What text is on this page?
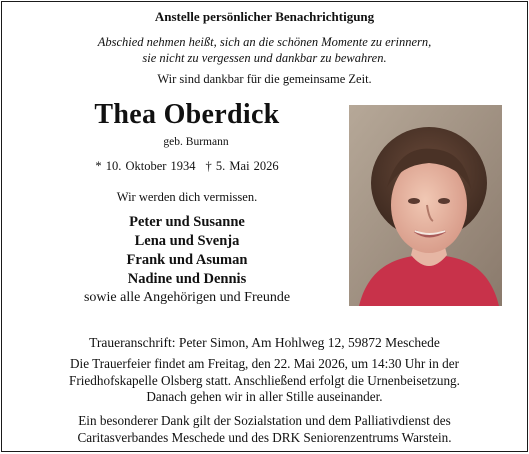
Anstelle persönlicher Benachrichtigung
Abschied nehmen heißt, sich an die schönen Momente zu erinnern,
sie nicht zu vergessen und dankbar zu bewahren.
Wir sind dankbar für die gemeinsame Zeit.
Thea Oberdick
geb. Burmann
* 10. Oktober 1934 † 5. Mai 2026
Wir werden dich vermissen.
Peter und Susanne
Lena und Svenja
Frank und Asuman
Nadine und Dennis
sowie alle Angehörigen und Freunde
Traueranschrift: Peter Simon, Am Hohlweg 12, 59872 Meschede
Die Trauerfeier findet am Freitag, den 22. Mai 2026, um 14:30 Uhr in der
Friedhofskapelle Olsberg statt. Anschließend erfolgt die Urnenbeisetzung.
Danach gehen wir in aller Stille auseinander.
Ein besonderer Dank gilt der Sozialstation und dem Palliativdienst des
Caritasverbandes Meschede und des DRK Seniorenzentrums Warstein.
